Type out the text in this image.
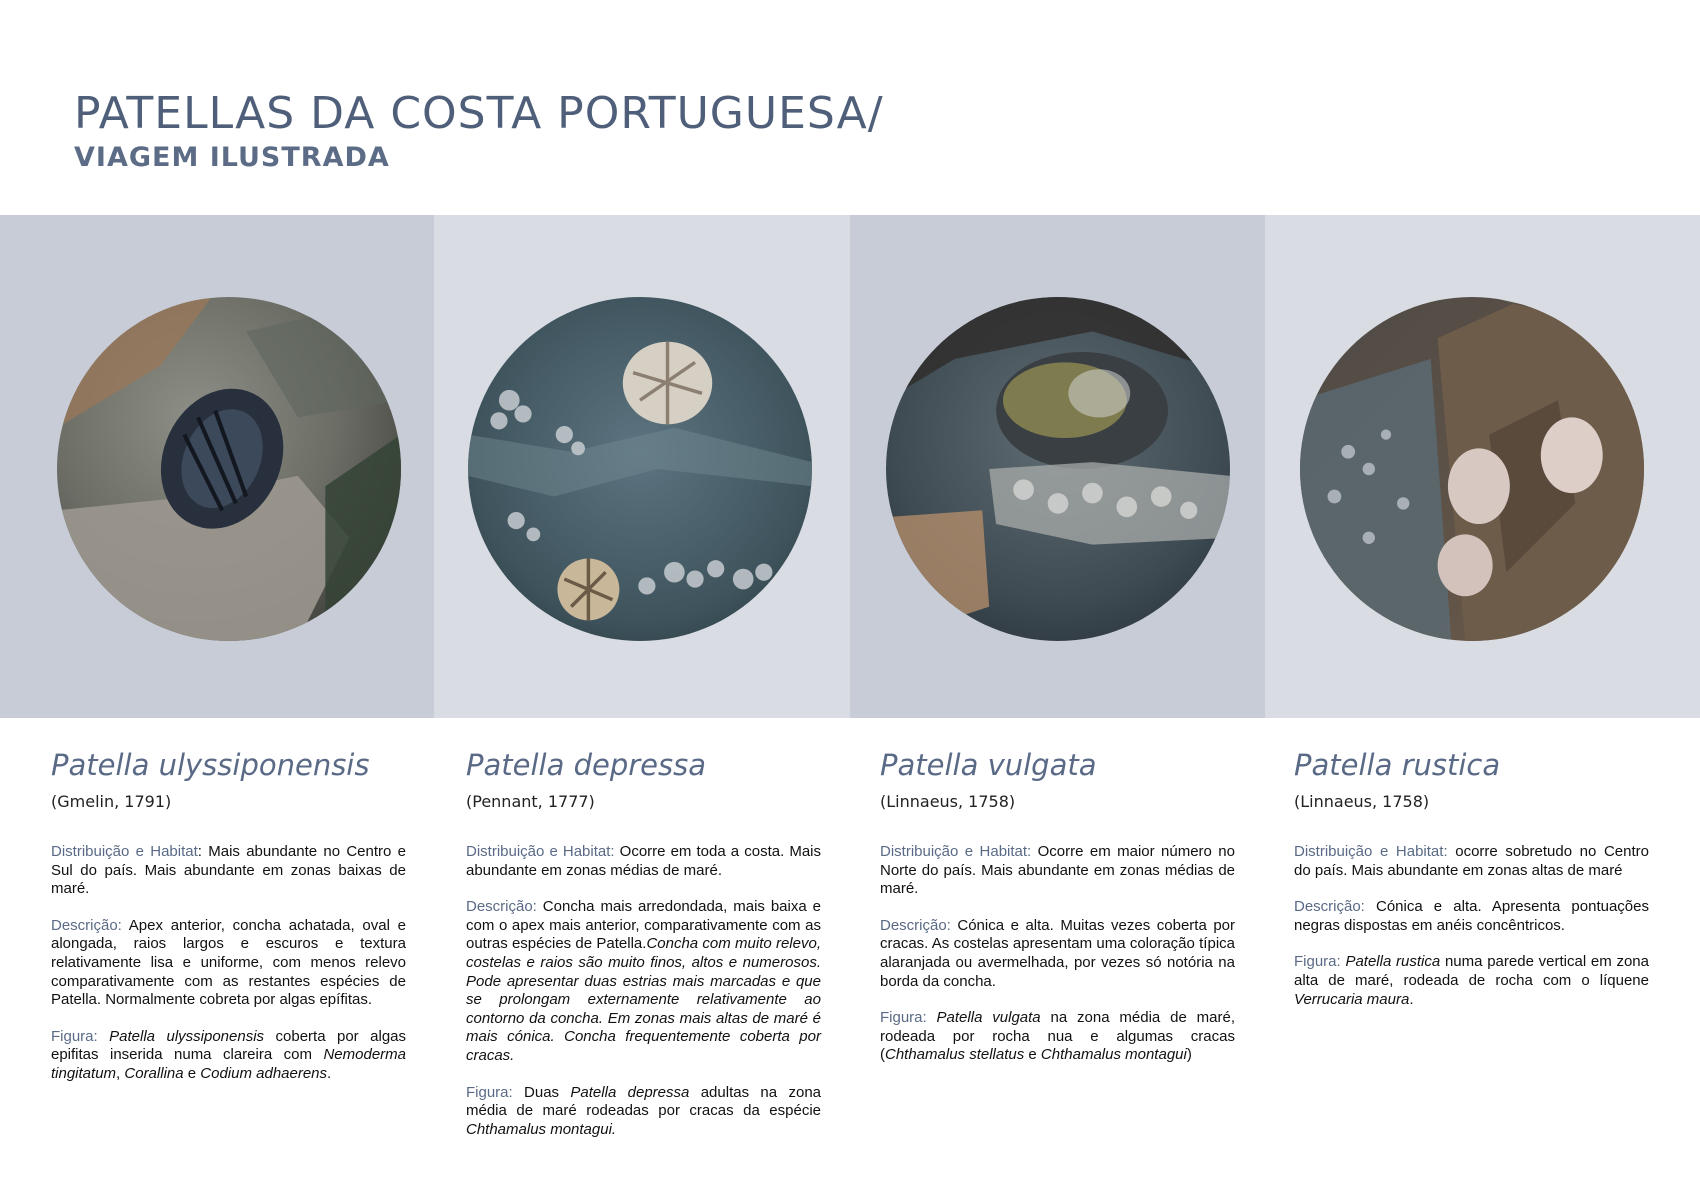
PATELLAS DA COSTA PORTUGUESA/
VIAGEM ILUSTRADA
Patella ulyssiponensis
(Gmelin, 1791)

Distribuição e Habitat: Mais abundante no Centro e Sul do país. Mais abundante em zonas baixas de maré.

Descrição: Apex anterior, concha achatada, oval e alongada, raios largos e escuros e textura relativamente lisa e uniforme, com menos relevo comparativamente com as restantes espécies de Patella. Normalmente cobreta por algas epífitas.

Figura: Patella ulyssiponensis coberta por algas epifitas inserida numa clareira com Nemoderma tingitatum, Corallina e Codium adhaerens.

Patella depressa
(Pennant, 1777)

Distribuição e Habitat: Ocorre em toda a costa. Mais abundante em zonas médias de maré.

Descrição: Concha mais arredondada, mais baixa e com o apex mais anterior, comparativamente com as outras espécies de Patella.Concha com muito relevo, costelas e raios são muito finos, altos e numerosos. Pode apresentar duas estrias mais marcadas e que se prolongam externamente relativamente ao contorno da concha. Em zonas mais altas de maré é mais cónica. Concha frequentemente coberta por cracas.

Figura: Duas Patella depressa adultas na zona média de maré rodeadas por cracas da espécie Chthamalus montagui.

Patella vulgata
(Linnaeus, 1758)

Distribuição e Habitat: Ocorre em maior número no Norte do país. Mais abundante em zonas médias de maré.

Descrição: Cónica e alta. Muitas vezes coberta por cracas. As costelas apresentam uma coloração típica alaranjada ou avermelhada, por vezes só notória na borda da concha.

Figura: Patella vulgata na zona média de maré, rodeada por rocha nua e algumas cracas (Chthamalus stellatus e Chthamalus montagui)

Patella rustica
(Linnaeus, 1758)

Distribuição e Habitat: ocorre sobretudo no Centro do país. Mais abundante em zonas altas de maré

Descrição: Cónica e alta. Apresenta pontuações negras dispostas em anéis concêntricos.

Figura: Patella rustica numa parede vertical em zona alta de maré, rodeada de rocha com o líquene Verrucaria maura.
